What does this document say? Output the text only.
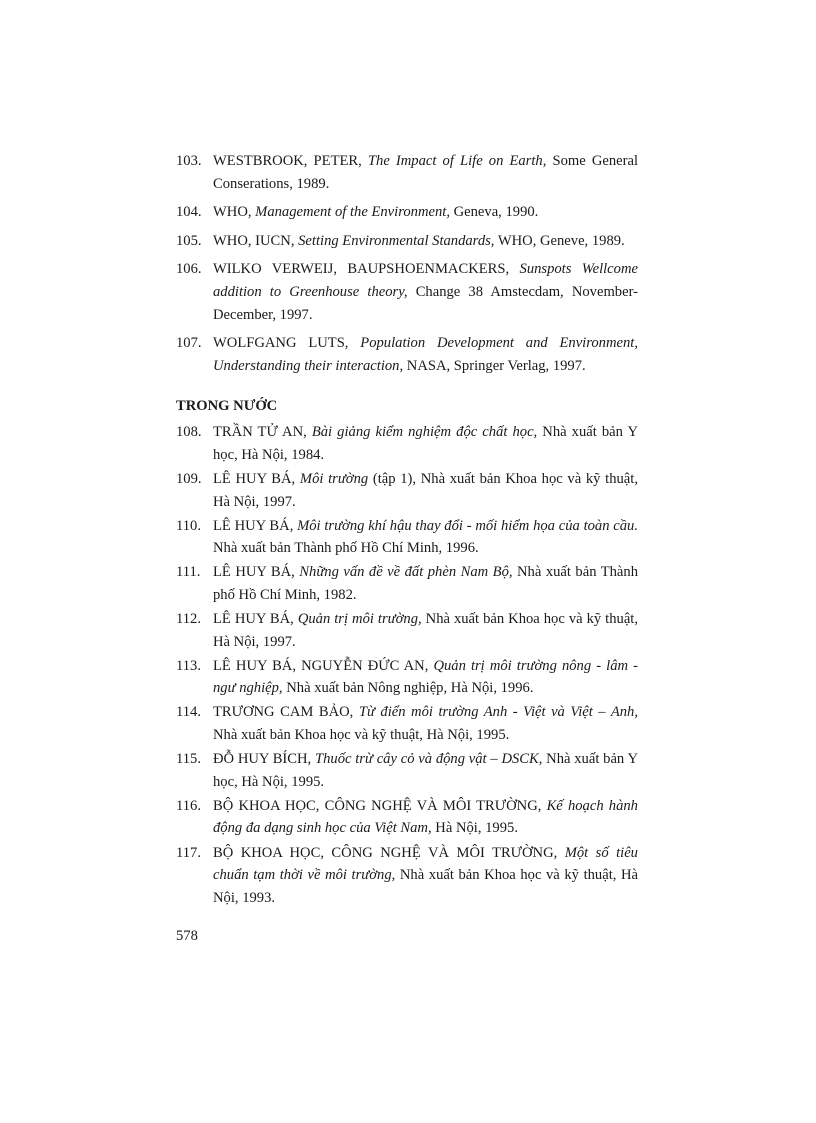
103. WESTBROOK, PETER, The Impact of Life on Earth, Some General Conserations, 1989.
104. WHO, Management of the Environment, Geneva, 1990.
105. WHO, IUCN, Setting Environmental Standards, WHO, Geneve, 1989.
106. WILKO VERWEIJ, BAUPSHOENMACKERS, Sunspots Wellcome addition to Greenhouse theory, Change 38 Amstecdam, November-December, 1997.
107. WOLFGANG LUTS, Population Development and Environment, Understanding their interaction, NASA, Springer Verlag, 1997.
TRONG NƯỚC
108. TRẦN TỬ AN, Bài giảng kiểm nghiệm độc chất học, Nhà xuất bản Y học, Hà Nội, 1984.
109. LÊ HUY BÁ, Môi trường (tập 1), Nhà xuất bản Khoa học và kỹ thuật, Hà Nội, 1997.
110. LÊ HUY BÁ, Môi trường khí hậu thay đổi - mối hiểm họa của toàn cầu. Nhà xuất bản Thành phố Hồ Chí Minh, 1996.
111. LÊ HUY BÁ, Những vấn đề về đất phèn Nam Bộ, Nhà xuất bản Thành phố Hồ Chí Minh, 1982.
112. LÊ HUY BÁ, Quản trị môi trường, Nhà xuất bản Khoa học và kỹ thuật, Hà Nội, 1997.
113. LÊ HUY BÁ, NGUYỄN ĐỨC AN, Quản trị môi trường nông - lâm - ngư nghiệp, Nhà xuất bản Nông nghiệp, Hà Nội, 1996.
114. TRƯƠNG CAM BẢO, Từ điển môi trường Anh - Việt và Việt – Anh, Nhà xuất bản Khoa học và kỹ thuật, Hà Nội, 1995.
115. ĐỖ HUY BÍCH, Thuốc trừ cây cỏ và động vật – DSCK, Nhà xuất bản Y học, Hà Nội, 1995.
116. BỘ KHOA HỌC, CÔNG NGHỆ VÀ MÔI TRƯỜNG, Kế hoạch hành động đa dạng sinh học của Việt Nam, Hà Nội, 1995.
117. BỘ KHOA HỌC, CÔNG NGHỆ VÀ MÔI TRƯỜNG, Một số tiêu chuẩn tạm thời về môi trường, Nhà xuất bản Khoa học và kỹ thuật, Hà Nội, 1993.
578
